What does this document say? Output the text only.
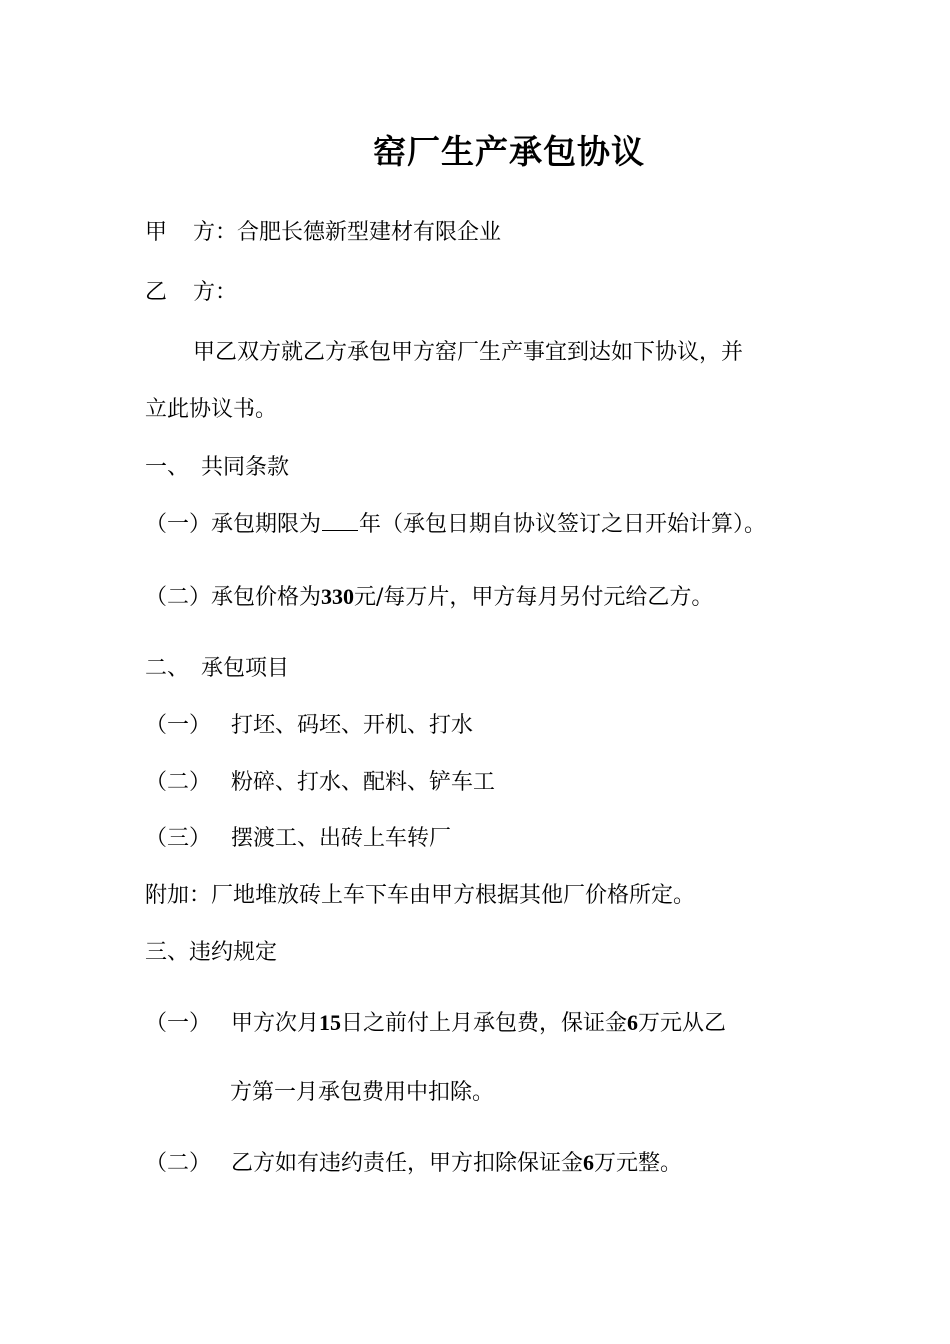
窑厂生产承包协议
甲 方：合肥长德新型建材有限企业
乙 方：
甲乙双方就乙方承包甲方窑厂生产事宜到达如下协议，并
立此协议书。
一、 共同条款
（一）承包期限为 年（承包日期自协议签订之日开始计算）。
（二）承包价格为330元/每万片，甲方每月另付元给乙方。
二、 承包项目
（一） 打坯、码坯、开机、打水
（二） 粉碎、打水、配料、铲车工
（三） 摆渡工、出砖上车转厂
附加：厂地堆放砖上车下车由甲方根据其他厂价格所定。
三、违约规定
（一） 甲方次月15日之前付上月承包费，保证金6万元从乙
方第一月承包费用中扣除。
（二） 乙方如有违约责任，甲方扣除保证金6万元整。
